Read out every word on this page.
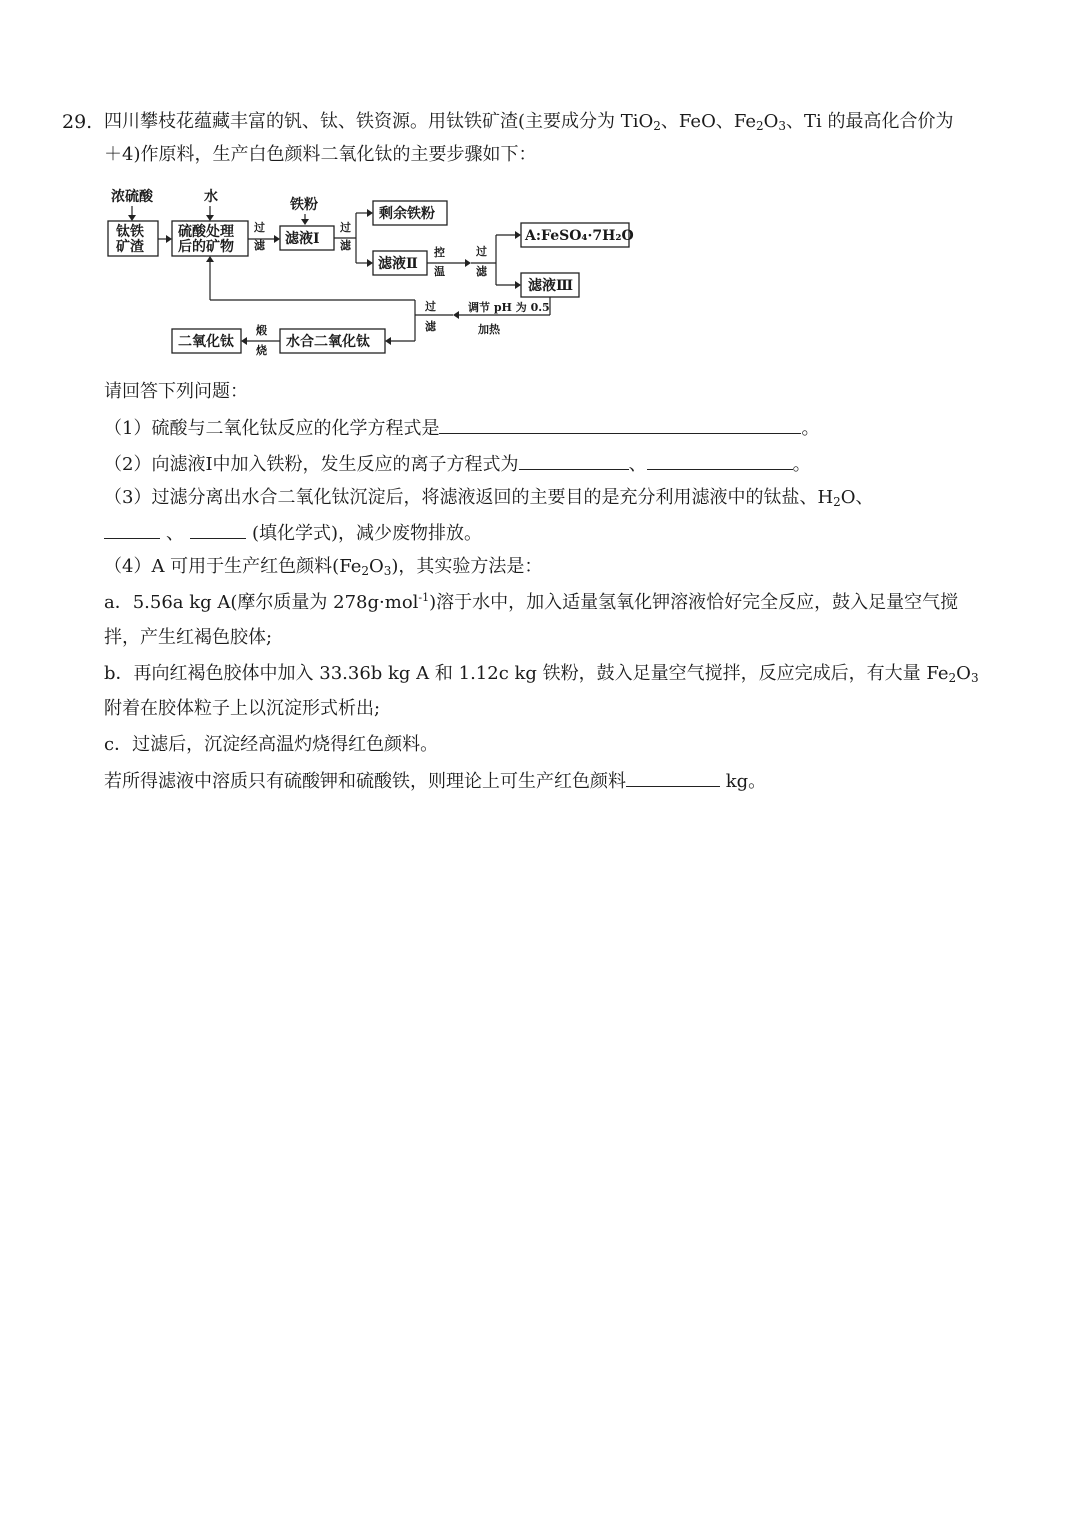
29. 四川攀枝花蕴藏丰富的钒、钛、铁资源。用钛铁矿渣(主要成分为 TiO$_2$、FeO、$Fe_2O_3$、Ti 的最高化合价为
＋4)作原料，生产白色颜料二氧化钛的主要步骤如下：
浓硫酸	水	铁粉
钛铁
矿渣
硫酸处理
后的矿物
过
滤 滤液Ⅰ
过
滤
剩余铁粉
滤液Ⅱ
控
温
过
滤
A:FeSO₄·7H₂O
滤液Ⅲ
调节 pH 为 0.5
加热
过
滤
水合二氧化钛
煅
烧
二氧化钛
请回答下列问题：
（1）硫酸与二氧化钛反应的化学方程式是	。
（2）向滤液I中加入铁粉，发生反应的离子方程式为	、	。
（3）过滤分离出水合二氧化钛沉淀后，将滤液返回的主要目的是充分利用滤液中的钛盐、$H_2O$、
、	(填化学式)，减少废物排放。
（4）A 可用于生产红色颜料$(Fe_2O_3)$，其实验方法是：
a．5.56a kg A(摩尔质量为 278g·mol$^{-1}$)溶于水中，加入适量氢氧化钾溶液恰好完全反应，鼓入足量空气搅
拌，产生红褐色胶体;
b．再向红褐色胶体中加入 33.36b kg A 和 1.12c kg 铁粉，鼓入足量空气搅拌，反应完成后，有大量 $Fe_2O_3$
附着在胶体粒子上以沉淀形式析出;
c．过滤后，沉淀经高温灼烧得红色颜料。
若所得滤液中溶质只有硫酸钾和硫酸铁，则理论上可生产红色颜料	kg。
